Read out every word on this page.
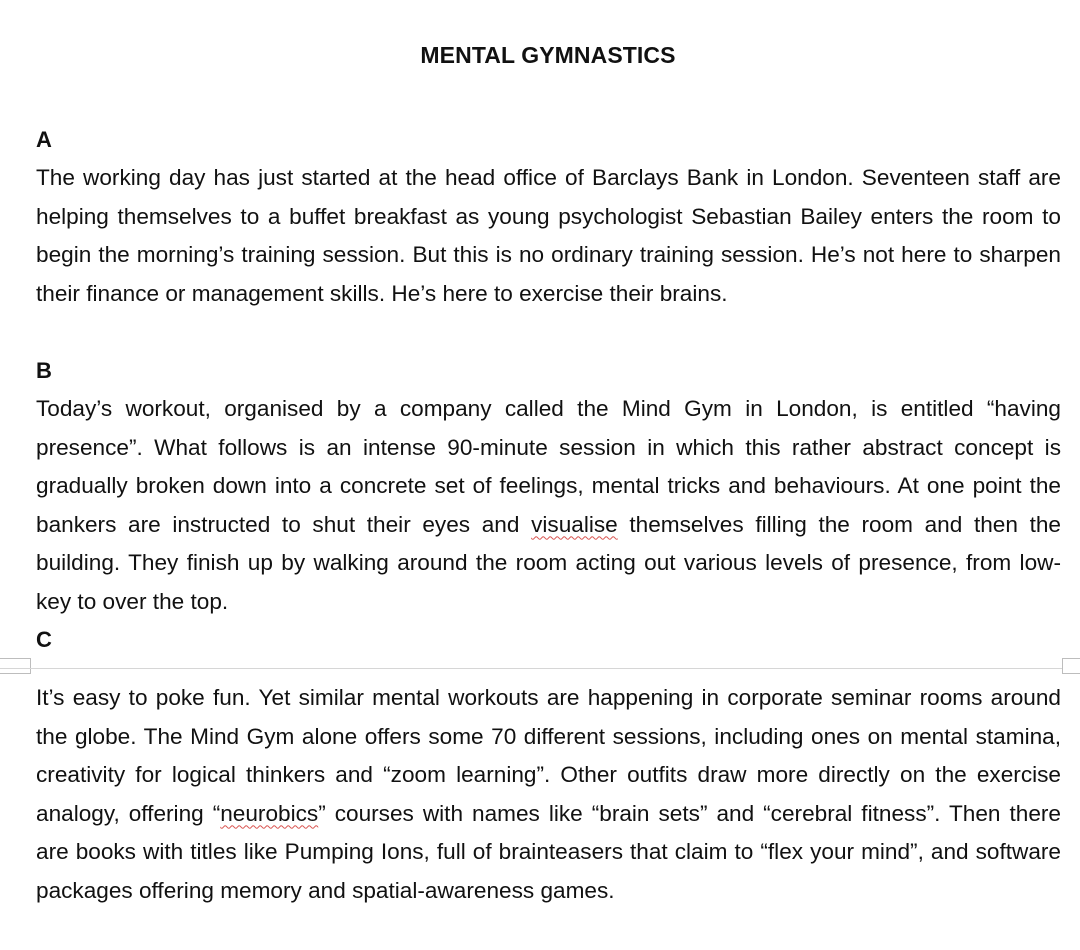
MENTAL GYMNASTICS
A

The working day has just started at the head office of Barclays Bank in London. Seventeen staff are helping themselves to a buffet breakfast as young psychologist Sebastian Bailey enters the room to begin the morning’s training session. But this is no ordinary training session. He’s not here to sharpen their finance or management skills. He’s here to exercise their brains.

B

Today’s workout, organised by a company called the Mind Gym in London, is entitled “having presence”. What follows is an intense 90-minute session in which this rather abstract concept is gradually broken down into a concrete set of feelings, mental tricks and behaviours. At one point the bankers are instructed to shut their eyes and visualise themselves filling the room and then the building. They finish up by walking around the room acting out various levels of presence, from low-key to over the top.

C

It’s easy to poke fun. Yet similar mental workouts are happening in corporate seminar rooms around the globe. The Mind Gym alone offers some 70 different sessions, including ones on mental stamina, creativity for logical thinkers and “zoom learning”. Other outfits draw more directly on the exercise analogy, offering “neurobics” courses with names like “brain sets” and “cerebral fitness”. Then there are books with titles like Pumping Ions, full of brainteasers that claim to “flex your mind”, and software packages offering memory and spatial-awareness games.
